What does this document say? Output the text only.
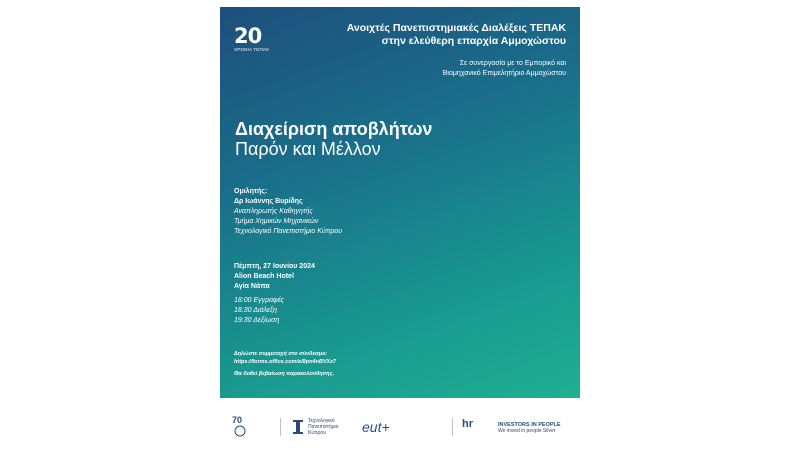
20
ΧΡΟΝΙΑ ΤΕΠΑΚ
Ανοιχτές Πανεπιστημιακές Διαλέξεις ΤΕΠΑΚ
στην ελεύθερη επαρχία Αμμοχώστου
Σε συνεργασία με το Εμπορικό και
Βιομηχανικό Επιμελητήριο Αμμοχώστου
Διαχείριση αποβλήτων
Παρόν και Μέλλον
Ομιλητής:
Δρ Ιωάννης Βυρίδης
Αναπληρωτής Καθηγητής
Τμήμα Χημικών Μηχανικών
Τεχνολογικό Πανεπιστήμιο Κύπρου
Πέμπτη, 27 Ιουνίου 2024
Alion Beach Hotel
Αγία Νάπα
18:00 Εγγραφές
18:30 Διάλεξη
19:30 Δεξίωση
Δηλώστε συμμετοχή στο σύνδεσμο:
https://forms.office.com/e/8pn4nBVXz7
Θα δοθεί βεβαίωση παρακολούθησης.
70	Τεχνολογικό Πανεπιστήμιο Κύπρου	eut+	hr	INVESTORS IN PEOPLE
We invest in people Silver
